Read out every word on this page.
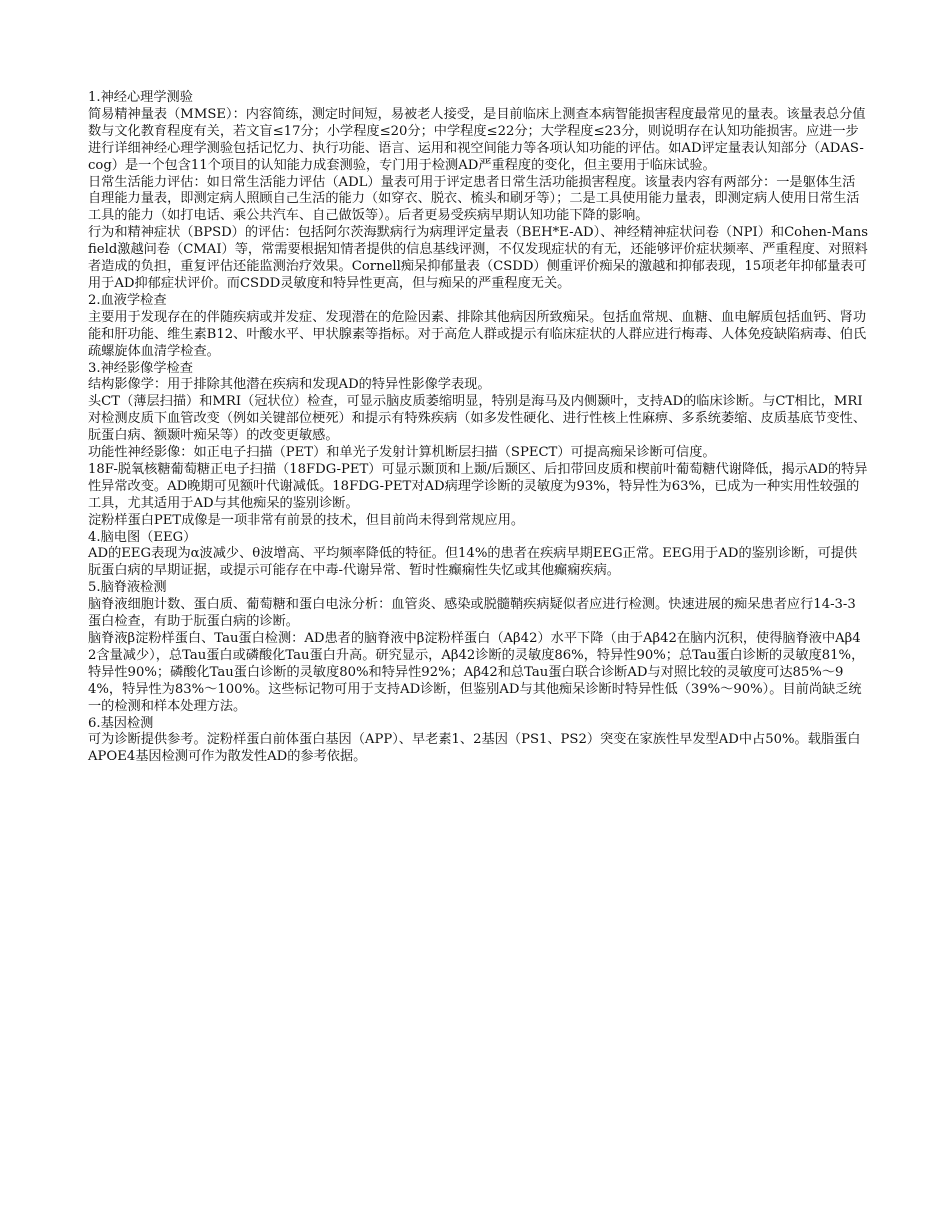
1.神经心理学测验

简易精神量表（MMSE）：内容简练，测定时间短，易被老人接受，是目前临床上测查本病智能损害程度最常见的量表。该量表总分值数与文化教育程度有关，若文盲≤17分；小学程度≤20分；中学程度≤22分；大学程度≤23分，则说明存在认知功能损害。应进一步进行详细神经心理学测验包括记忆力、执行功能、语言、运用和视空间能力等各项认知功能的评估。如AD评定量表认知部分（ADAS-cog）是一个包含11个项目的认知能力成套测验，专门用于检测AD严重程度的变化，但主要用于临床试验。

日常生活能力评估：如日常生活能力评估（ADL）量表可用于评定患者日常生活功能损害程度。该量表内容有两部分：一是躯体生活自理能力量表，即测定病人照顾自己生活的能力（如穿衣、脱衣、梳头和刷牙等）；二是工具使用能力量表，即测定病人使用日常生活工具的能力（如打电话、乘公共汽车、自己做饭等）。后者更易受疾病早期认知功能下降的影响。

行为和精神症状（BPSD）的评估：包括阿尔茨海默病行为病理评定量表（BEH*E-AD）、神经精神症状问卷（NPI）和Cohen-Mansfield激越问卷（CMAI）等，常需要根据知情者提供的信息基线评测，不仅发现症状的有无，还能够评价症状频率、严重程度、对照料者造成的负担，重复评估还能监测治疗效果。Cornell痴呆抑郁量表（CSDD）侧重评价痴呆的激越和抑郁表现，15项老年抑郁量表可用于AD抑郁症状评价。而CSDD灵敏度和特异性更高，但与痴呆的严重程度无关。

2.血液学检查

主要用于发现存在的伴随疾病或并发症、发现潜在的危险因素、排除其他病因所致痴呆。包括血常规、血糖、血电解质包括血钙、肾功能和肝功能、维生素B12、叶酸水平、甲状腺素等指标。对于高危人群或提示有临床症状的人群应进行梅毒、人体免疫缺陷病毒、伯氏疏螺旋体血清学检查。

3.神经影像学检查

结构影像学：用于排除其他潜在疾病和发现AD的特异性影像学表现。

头CT（薄层扫描）和MRI（冠状位）检查，可显示脑皮质萎缩明显，特别是海马及内侧颞叶，支持AD的临床诊断。与CT相比，MRI对检测皮质下血管改变（例如关键部位梗死）和提示有特殊疾病（如多发性硬化、进行性核上性麻痹、多系统萎缩、皮质基底节变性、朊蛋白病、额颞叶痴呆等）的改变更敏感。

功能性神经影像：如正电子扫描（PET）和单光子发射计算机断层扫描（SPECT）可提高痴呆诊断可信度。

18F-脱氧核糖葡萄糖正电子扫描（18FDG-PET）可显示颞顶和上颞/后颞区、后扣带回皮质和楔前叶葡萄糖代谢降低，揭示AD的特异性异常改变。AD晚期可见额叶代谢减低。18FDG-PET对AD病理学诊断的灵敏度为93%，特异性为63%，已成为一种实用性较强的工具，尤其适用于AD与其他痴呆的鉴别诊断。

淀粉样蛋白PET成像是一项非常有前景的技术，但目前尚未得到常规应用。

4.脑电图（EEG）

AD的EEG表现为α波减少、θ波增高、平均频率降低的特征。但14%的患者在疾病早期EEG正常。EEG用于AD的鉴别诊断，可提供朊蛋白病的早期证据，或提示可能存在中毒-代谢异常、暂时性癫痫性失忆或其他癫痫疾病。

5.脑脊液检测

脑脊液细胞计数、蛋白质、葡萄糖和蛋白电泳分析：血管炎、感染或脱髓鞘疾病疑似者应进行检测。快速进展的痴呆患者应行14-3-3蛋白检查，有助于朊蛋白病的诊断。

脑脊液β淀粉样蛋白、Tau蛋白检测：AD患者的脑脊液中β淀粉样蛋白（Aβ42）水平下降（由于Aβ42在脑内沉积，使得脑脊液中Aβ42含量减少），总Tau蛋白或磷酸化Tau蛋白升高。研究显示，Aβ42诊断的灵敏度86%，特异性90%；总Tau蛋白诊断的灵敏度81%，特异性90%；磷酸化Tau蛋白诊断的灵敏度80%和特异性92%；Aβ42和总Tau蛋白联合诊断AD与对照比较的灵敏度可达85%～94%，特异性为83%～100%。这些标记物可用于支持AD诊断，但鉴别AD与其他痴呆诊断时特异性低（39%～90%）。目前尚缺乏统一的检测和样本处理方法。

6.基因检测

可为诊断提供参考。淀粉样蛋白前体蛋白基因（APP）、早老素1、2基因（PS1、PS2）突变在家族性早发型AD中占50%。载脂蛋白APOE4基因检测可作为散发性AD的参考依据。
